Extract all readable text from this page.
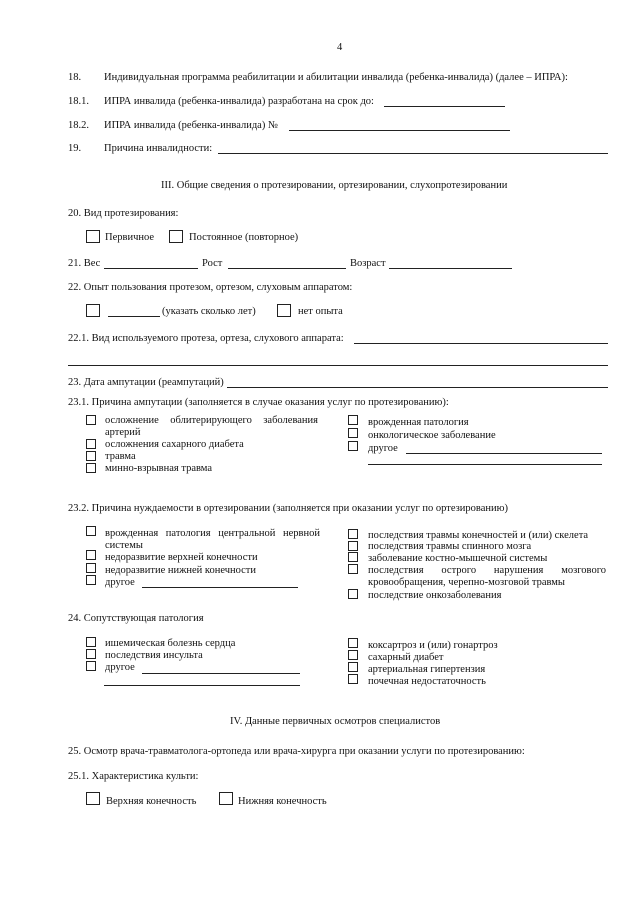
4
18. Индивидуальная программа реабилитации и абилитации инвалида (ребенка-инвалида) (далее – ИПРА):
18.1. ИПРА инвалида (ребенка-инвалида) разработана на срок до:
18.2. ИПРА инвалида (ребенка-инвалида) №
19. Причина инвалидности:
III. Общие сведения о протезировании, ортезировании, слухопротезировании
20. Вид протезирования:
Первичное	Постоянное (повторное)
21. Вес	Рост	Возраст
22. Опыт пользования протезом, ортезом, слуховым аппаратом:
(указать сколько лет)	нет опыта
22.1. Вид используемого протеза, ортеза, слухового аппарата:
23. Дата ампутации (реампутаций)
23.1. Причина ампутации (заполняется в случае оказания услуг по протезированию):
осложнение облитерирующего заболевания
артерий
осложнения сахарного диабета
травма
минно-взрывная травма
врожденная патология
онкологическое заболевание
другое
23.2. Причина нуждаемости в ортезировании (заполняется при оказании услуг по ортезированию)
врожденная патология центральной нервной
системы
недоразвитие верхней конечности
недоразвитие нижней конечности
другое
последствия травмы конечностей и (или) скелета
последствия травмы спинного мозга
заболевание костно-мышечной системы
последствия острого нарушения мозгового
кровообращения, черепно-мозговой травмы
последствие онкозаболевания
24. Сопутствующая патология
ишемическая болезнь сердца
последствия инсульта
другое
коксартроз и (или) гонартроз
сахарный диабет
артериальная гипертензия
почечная недостаточность
IV. Данные первичных осмотров специалистов
25. Осмотр врача-травматолога-ортопеда или врача-хирурга при оказании услуги по протезированию:
25.1. Характеристика культи:
Верхняя конечность	Нижняя конечность
